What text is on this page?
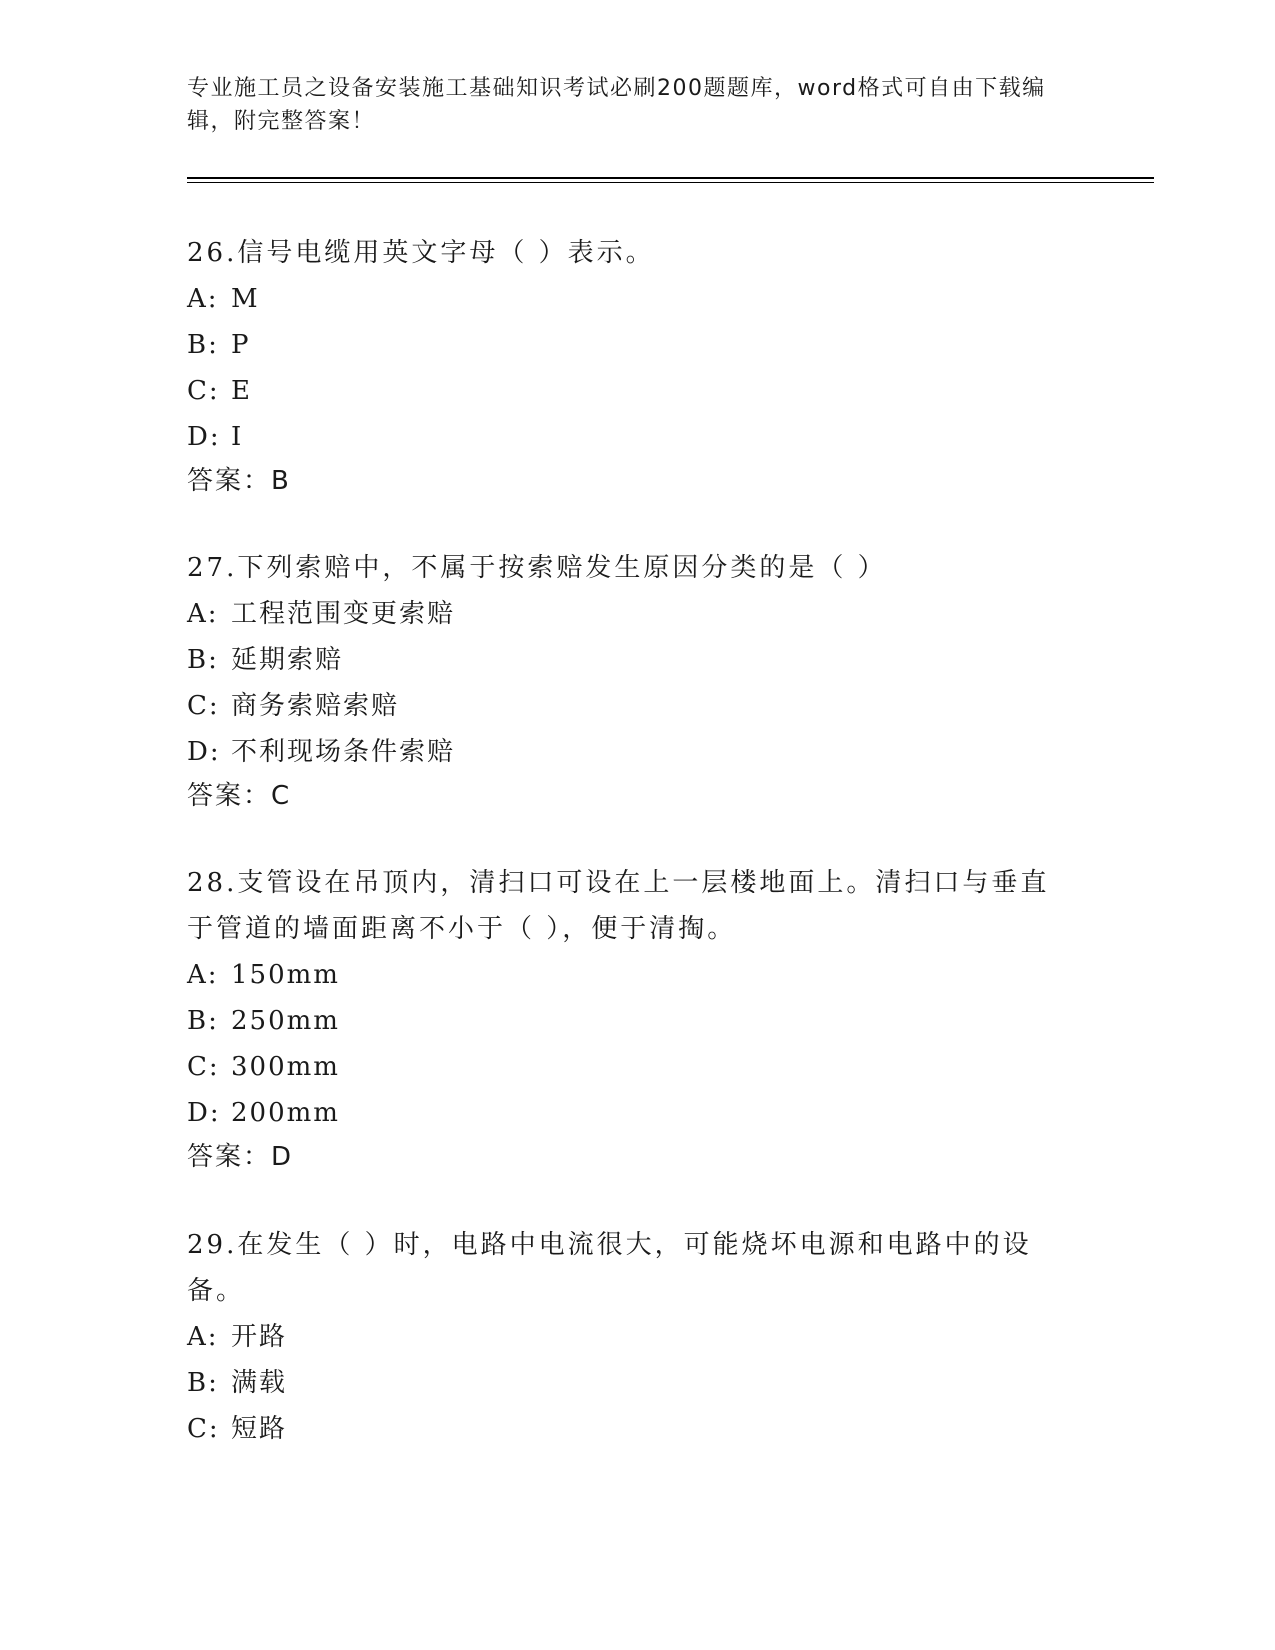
专业施工员之设备安装施工基础知识考试必刷200题题库，word格式可自由下载编辑，附完整答案！

26.信号电缆用英文字母（ ）表示。

A: M
B: P
C: E
D: I
答案：B

27.下列索赔中，不属于按索赔发生原因分类的是（ ）

A: 工程范围变更索赔
B: 延期索赔
C: 商务索赔索赔
D: 不利现场条件索赔
答案：C

28.支管设在吊顶内，清扫口可设在上一层楼地面上。清扫口与垂直于管道的墙面距离不小于（ ），便于清掏。

A: 150mm
B: 250mm
C: 300mm
D: 200mm
答案：D

29.在发生（ ）时，电路中电流很大，可能烧坏电源和电路中的设备。

A: 开路
B: 满载
C: 短路
